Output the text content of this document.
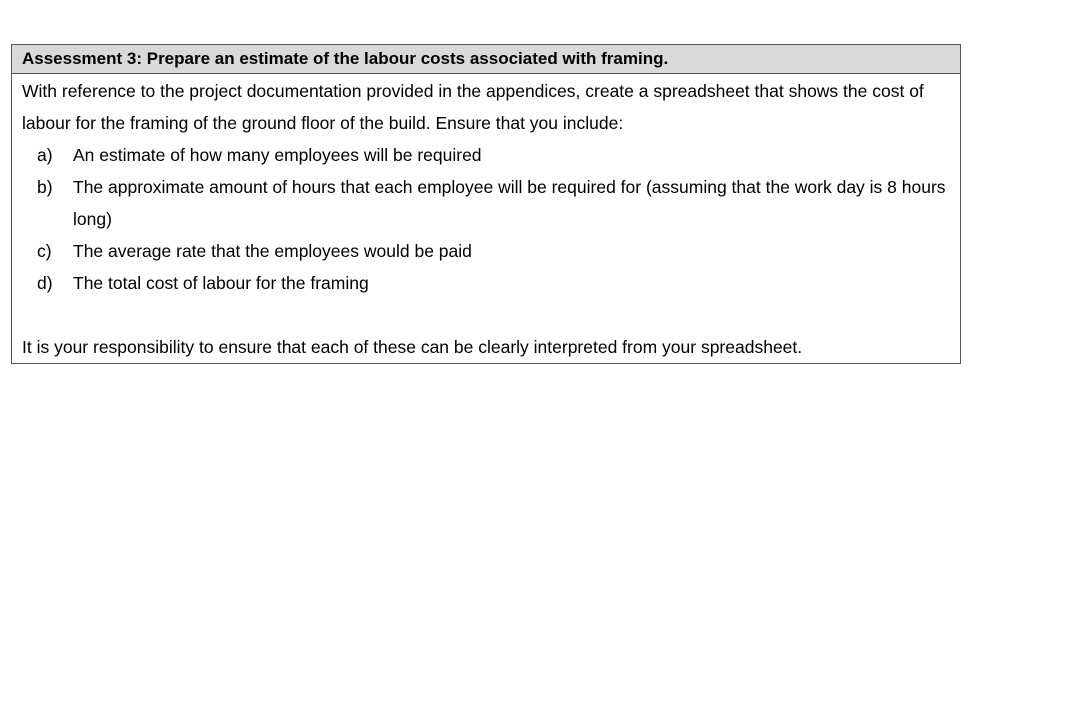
Assessment 3: Prepare an estimate of the labour costs associated with framing.

With reference to the project documentation provided in the appendices, create a spreadsheet that shows the cost of labour for the framing of the ground floor of the build. Ensure that you include:

a) An estimate of how many employees will be required
b) The approximate amount of hours that each employee will be required for (assuming that the work day is 8 hours long)
c) The average rate that the employees would be paid
d) The total cost of labour for the framing

It is your responsibility to ensure that each of these can be clearly interpreted from your spreadsheet.
